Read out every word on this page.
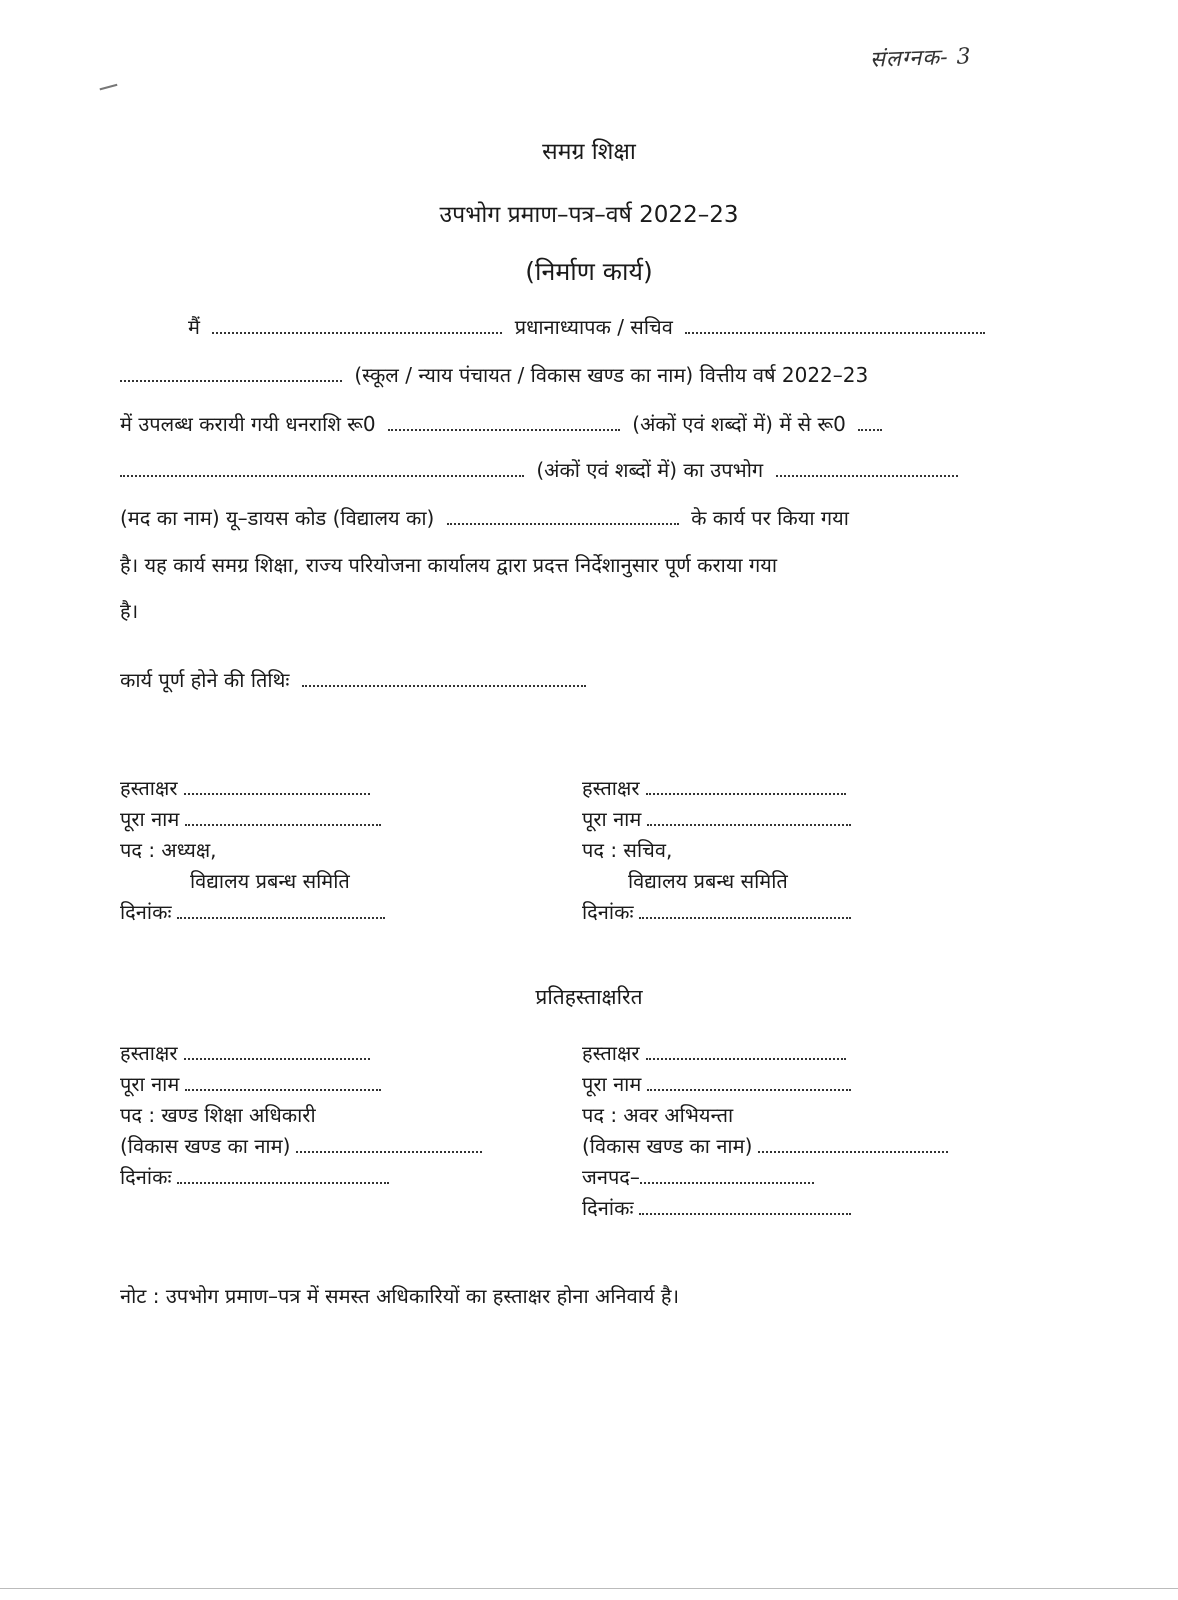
संलग्नक- 3
समग्र शिक्षा
उपभोग प्रमाण–पत्र–वर्ष 2022–23
(निर्माण कार्य)
मैं	प्रधानाध्यापक / सचिव
(स्कूल / न्याय पंचायत / विकास खण्ड का नाम) वित्तीय वर्ष 2022–23
में उपलब्ध करायी गयी धनराशि रू0	(अंकों एवं शब्दों में) में से रू0
(अंकों एवं शब्दों में) का उपभोग
(मद का नाम) यू–डायस कोड (विद्यालय का)	के कार्य पर किया गया
है। यह कार्य समग्र शिक्षा, राज्य परियोजना कार्यालय द्वारा प्रदत्त निर्देशानुसार पूर्ण कराया गया
है।
कार्य पूर्ण होने की तिथिः
हस्ताक्षर
पूरा नाम
पद : अध्यक्ष,
विद्यालय प्रबन्ध समिति
दिनांकः
हस्ताक्षर
पूरा नाम
पद : सचिव,
विद्यालय प्रबन्ध समिति
दिनांकः
प्रतिहस्ताक्षरित
हस्ताक्षर
पूरा नाम
पद : खण्ड शिक्षा अधिकारी
(विकास खण्ड का नाम)
दिनांकः
हस्ताक्षर
पूरा नाम
पद : अवर अभियन्ता
(विकास खण्ड का नाम)
जनपद–
दिनांकः
नोट : उपभोग प्रमाण–पत्र में समस्त अधिकारियों का हस्ताक्षर होना अनिवार्य है।
